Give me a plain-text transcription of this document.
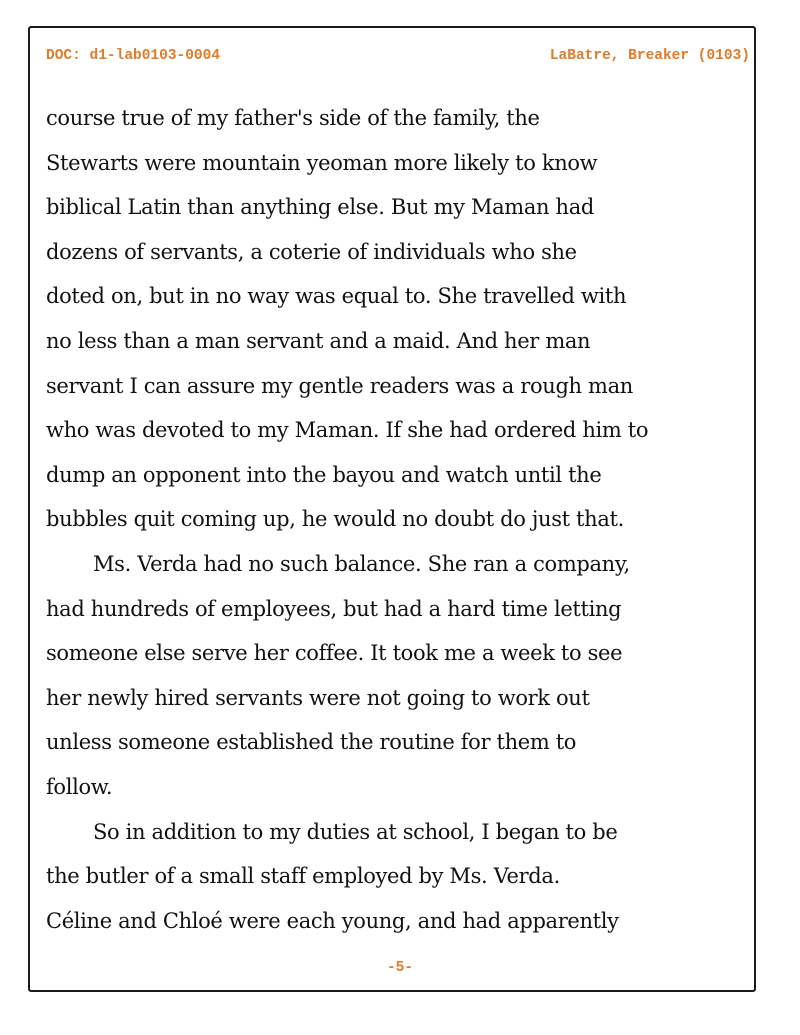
DOC: d1-lab0103-0004	LaBatre, Breaker (0103)
course true of my father's side of the family, the
Stewarts were mountain yeoman more likely to know
biblical Latin than anything else. But my Maman had
dozens of servants, a coterie of individuals who she
doted on, but in no way was equal to. She travelled with
no less than a man servant and a maid. And her man
servant I can assure my gentle readers was a rough man
who was devoted to my Maman. If she had ordered him to
dump an opponent into the bayou and watch until the
bubbles quit coming up, he would no doubt do just that.
Ms. Verda had no such balance. She ran a company,
had hundreds of employees, but had a hard time letting
someone else serve her coffee. It took me a week to see
her newly hired servants were not going to work out
unless someone established the routine for them to
follow.
So in addition to my duties at school, I began to be
the butler of a small staff employed by Ms. Verda.
Céline and Chloé were each young, and had apparently
-5-
